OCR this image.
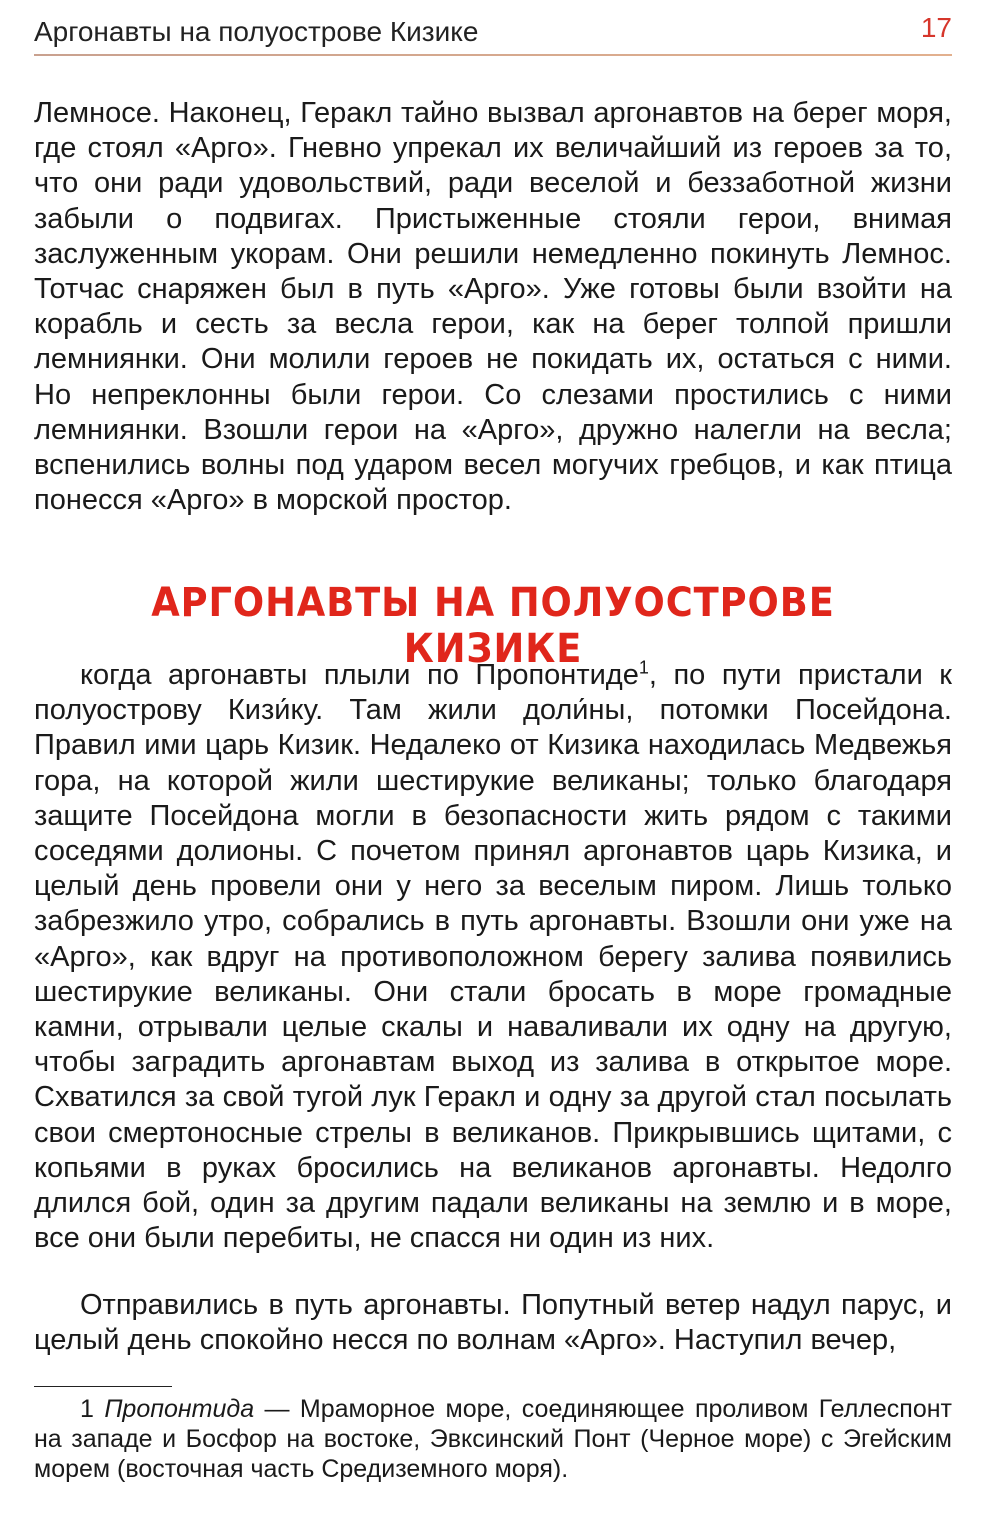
Аргонавты на полуострове Кизике	17

Лемносе. Наконец, Геракл тайно вызвал аргонавтов на берег моря, где стоял «Арго». Гневно упрекал их величайший из героев за то, что они ради удовольствий, ради веселой и беззаботной жизни забыли о подвигах. Пристыженные стояли герои, внимая заслуженным укорам. Они решили немедленно покинуть Лемнос. Тотчас снаряжен был в путь «Арго». Уже готовы были взойти на корабль и сесть за весла герои, как на берег толпой пришли лемниянки. Они молили героев не покидать их, остаться с ними. Но непреклонны были герои. Со слезами простились с ними лемниянки. Взошли герои на «Арго», дружно налегли на весла; вспенились волны под ударом весел могучих гребцов, и как птица понесся «Арго» в морской простор.

АРГОНАВТЫ НА ПОЛУОСТРОВЕ КИЗИКЕ

когда аргонавты плыли по Пропонтиде$^1$, по пути пристали к полуострову Кизи́ку. Там жили доли́ны, потомки Посейдона. Правил ими царь Кизик. Недалеко от Кизика находилась Медвежья гора, на которой жили шестирукие великаны; только благодаря защите Посейдона могли в безопасности жить рядом с такими соседями долионы. С почетом принял аргонавтов царь Кизика, и целый день провели они у него за веселым пиром. Лишь только забрезжило утро, собрались в путь аргонавты. Взошли они уже на «Арго», как вдруг на противоположном берегу залива появились шестирукие великаны. Они стали бросать в море громадные камни, отрывали целые скалы и наваливали их одну на другую, чтобы заградить аргонавтам выход из залива в открытое море. Схватился за свой тугой лук Геракл и одну за другой стал посылать свои смертоносные стрелы в великанов. Прикрывшись щитами, с копьями в руках бросились на великанов аргонавты. Недолго длился бой, один за другим падали великаны на землю и в море, все они были перебиты, не спасся ни один из них.

Отправились в путь аргонавты. Попутный ветер надул парус, и целый день спокойно несся по волнам «Арго». Наступил вечер,

1 Пропонтида — Мраморное море, соединяющее проливом Геллеспонт на западе и Босфор на востоке, Эвксинский Понт (Черное море) с Эгейским морем (восточная часть Средиземного моря).
